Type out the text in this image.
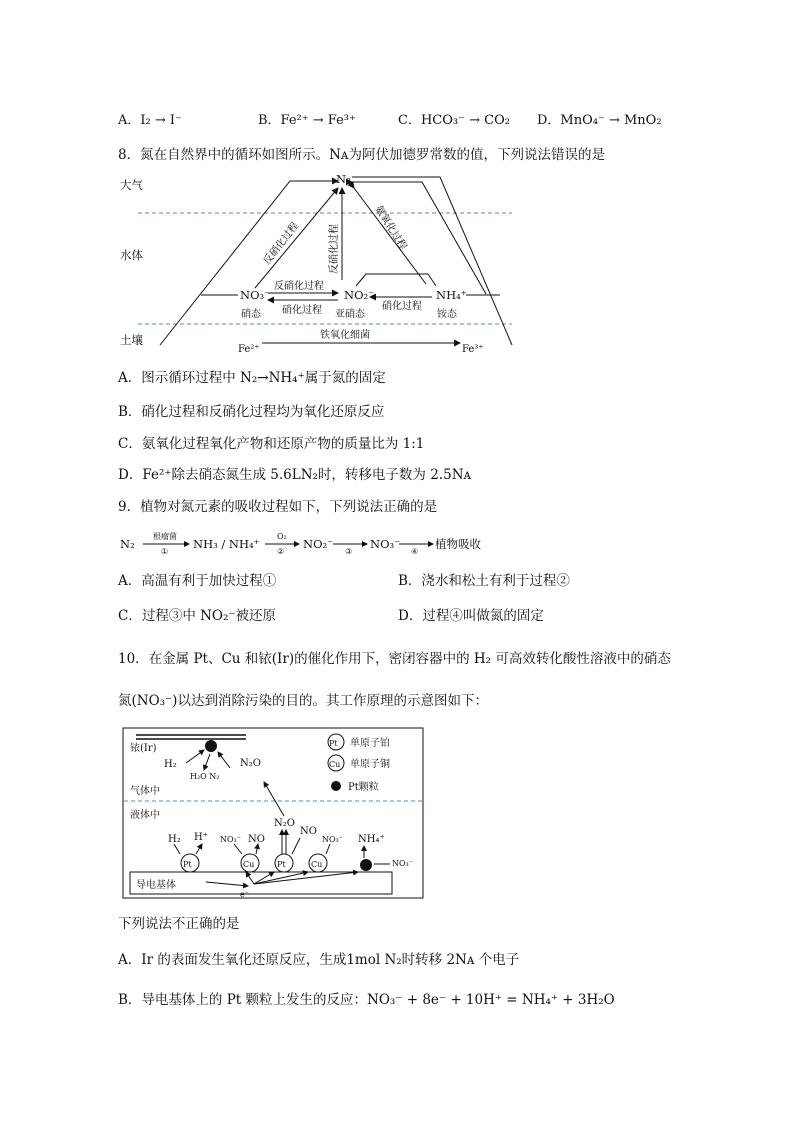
A．I₂ → I⁻	B．Fe²⁺ → Fe³⁺	C．HCO₃⁻ → CO₂ D．MnO₄⁻ → MnO₂
8．氮在自然界中的循环如图所示。Nᴀ为阿伏加德罗常数的值，下列说法错误的是
大气
水体
土壤
N₂
反硝化过程	反硝化过程	氨氧化过程
NO₃⁻
硝态
NO₂⁻
亚硝态
NH₄⁺
铵态
反硝化过程
硝化过程	硝化过程
铁氧化细菌
Fe²⁺	Fe³⁺
A．图示循环过程中 N₂→NH₄⁺属于氮的固定
B．硝化过程和反硝化过程均为氧化还原反应
C．氨氧化过程氧化产物和还原产物的质量比为 1:1
D．Fe²⁺除去硝态氮生成 5.6LN₂时，转移电子数为 2.5Nᴀ
9．植物对氮元素的吸收过程如下，下列说法正确的是
N₂
根瘤菌
①
NH₃ / NH₄⁺
O₂
②
NO₂⁻
③
NO₃⁻
④
植物吸收
A．高温有利于加快过程①	B．浇水和松土有利于过程②
C．过程③中 NO₂⁻被还原	D．过程④叫做氮的固定
10．在金属 Pt、Cu 和铱(Ir)的催化作用下，密闭容器中的 H₂ 可高效转化酸性溶液中的硝态
氮(NO₃⁻)以达到消除污染的目的。其工作原理的示意图如下：
铱(Ir)
H₂
H₂O N₂
N₂O
Pt 单原子铂
Cu 单原子铜
Pt颗粒
气体中
液体中
N₂O
NO
H₂ H⁺ NO₃⁻ NO	NO₃⁻ NH₄⁺
NO₃⁻
Pt	Cu	Pt	Cu
导电基体
e⁻
下列说法不正确的是
A．Ir 的表面发生氧化还原反应，生成1mol N₂时转移 2Nᴀ 个电子
B．导电基体上的 Pt 颗粒上发生的反应：NO₃⁻ + 8e⁻ + 10H⁺ = NH₄⁺ + 3H₂O
